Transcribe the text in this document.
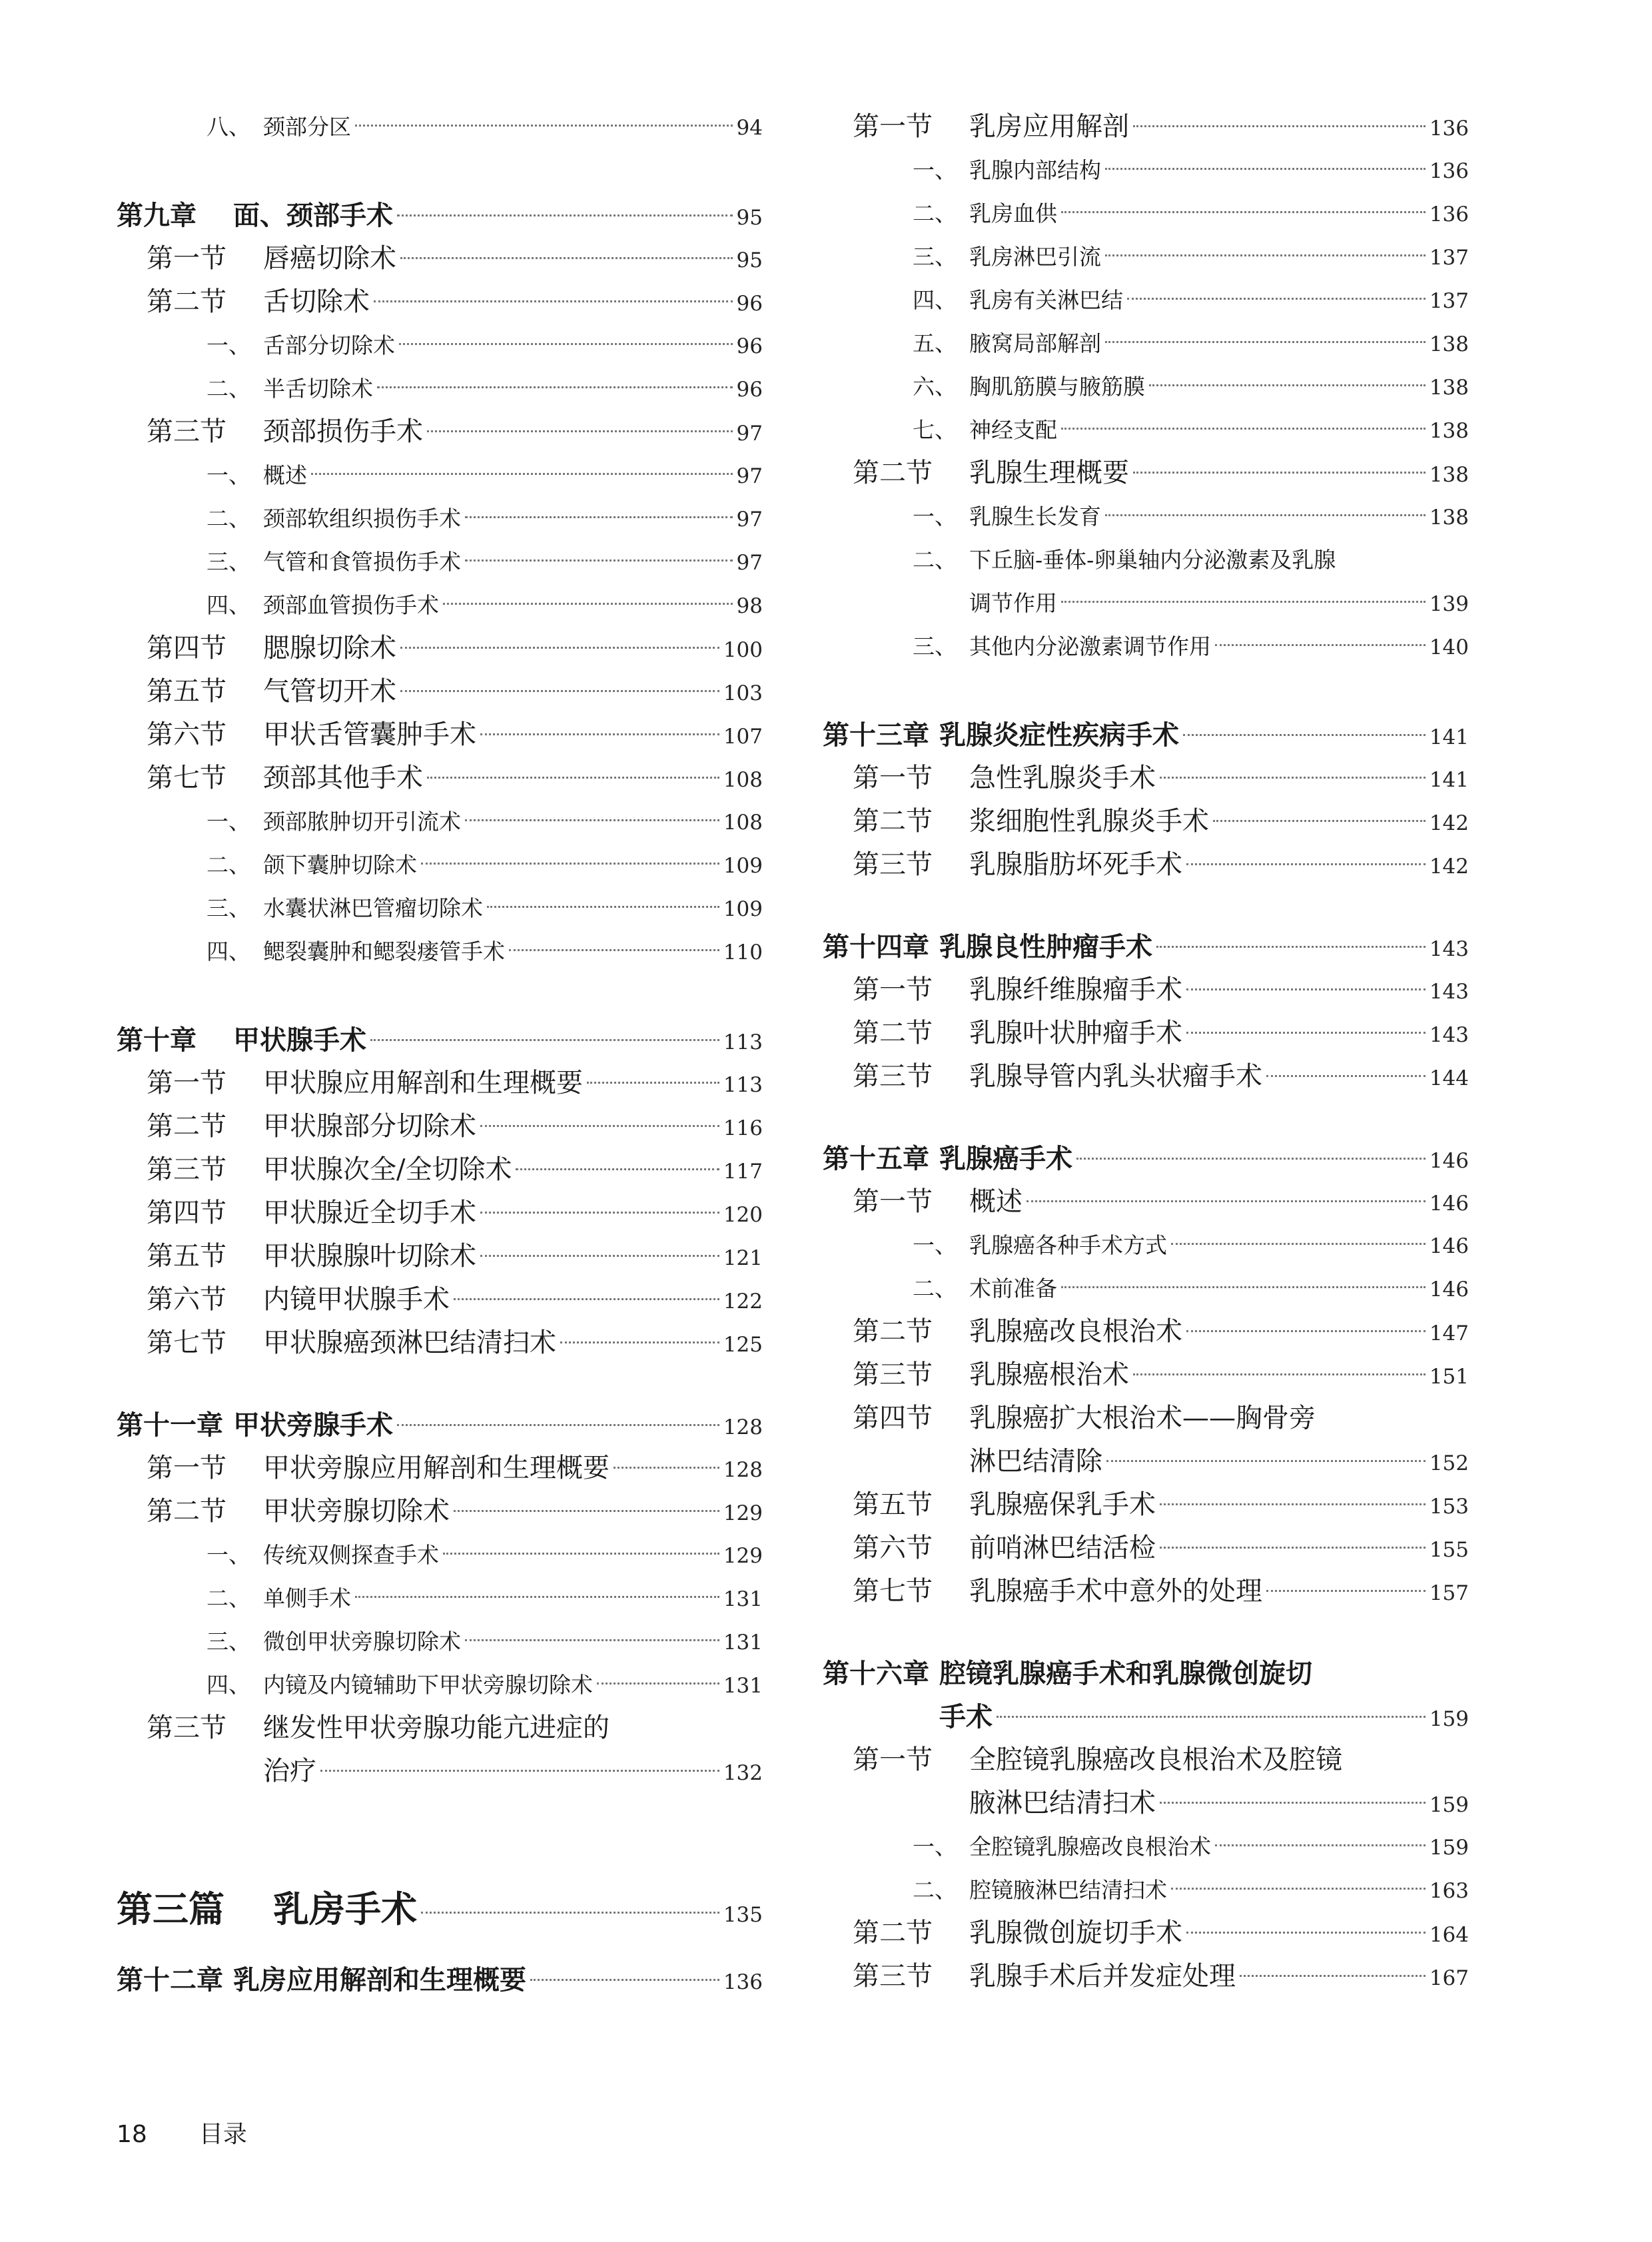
八、 颈部分区	94
第九章	面、颈部手术	95
第一节	唇癌切除术	95
第二节	舌切除术	96
一、 舌部分切除术	96
二、 半舌切除术	96
第三节	颈部损伤手术	97
一、 概述	97
二、 颈部软组织损伤手术	97
三、 气管和食管损伤手术	97
四、 颈部血管损伤手术	98
第四节	腮腺切除术	100
第五节	气管切开术	103
第六节	甲状舌管囊肿手术	107
第七节	颈部其他手术	108
一、 颈部脓肿切开引流术	108
二、 颌下囊肿切除术	109
三、 水囊状淋巴管瘤切除术	109
四、 鳃裂囊肿和鳃裂瘘管手术	110
第十章	甲状腺手术	113
第一节	甲状腺应用解剖和生理概要	113
第二节	甲状腺部分切除术	116
第三节	甲状腺次全/全切除术	117
第四节	甲状腺近全切手术	120
第五节	甲状腺腺叶切除术	121
第六节	内镜甲状腺手术	122
第七节	甲状腺癌颈淋巴结清扫术	125
第十一章 甲状旁腺手术	128
第一节	甲状旁腺应用解剖和生理概要	128
第二节	甲状旁腺切除术	129
一、 传统双侧探查手术	129
二、 单侧手术	131
三、 微创甲状旁腺切除术	131
四、 内镜及内镜辅助下甲状旁腺切除术	131
第三节	继发性甲状旁腺功能亢进症的
治疗	132
第三篇	乳房手术	135
第十二章 乳房应用解剖和生理概要	136
第一节	乳房应用解剖	136
一、 乳腺内部结构	136
二、 乳房血供	136
三、 乳房淋巴引流	137
四、 乳房有关淋巴结	137
五、 腋窝局部解剖	138
六、 胸肌筋膜与腋筋膜	138
七、 神经支配	138
第二节	乳腺生理概要	138
一、 乳腺生长发育	138
二、 下丘脑-垂体-卵巢轴内分泌激素及乳腺
调节作用	139
三、 其他内分泌激素调节作用	140
第十三章 乳腺炎症性疾病手术	141
第一节	急性乳腺炎手术	141
第二节	浆细胞性乳腺炎手术	142
第三节	乳腺脂肪坏死手术	142
第十四章 乳腺良性肿瘤手术	143
第一节	乳腺纤维腺瘤手术	143
第二节	乳腺叶状肿瘤手术	143
第三节	乳腺导管内乳头状瘤手术	144
第十五章 乳腺癌手术	146
第一节	概述	146
一、 乳腺癌各种手术方式	146
二、 术前准备	146
第二节	乳腺癌改良根治术	147
第三节	乳腺癌根治术	151
第四节	乳腺癌扩大根治术——胸骨旁
淋巴结清除	152
第五节	乳腺癌保乳手术	153
第六节	前哨淋巴结活检	155
第七节	乳腺癌手术中意外的处理	157
第十六章 腔镜乳腺癌手术和乳腺微创旋切
手术	159
第一节	全腔镜乳腺癌改良根治术及腔镜
腋淋巴结清扫术	159
一、 全腔镜乳腺癌改良根治术	159
二、 腔镜腋淋巴结清扫术	163
第二节	乳腺微创旋切手术	164
第三节	乳腺手术后并发症处理	167
18 目录
